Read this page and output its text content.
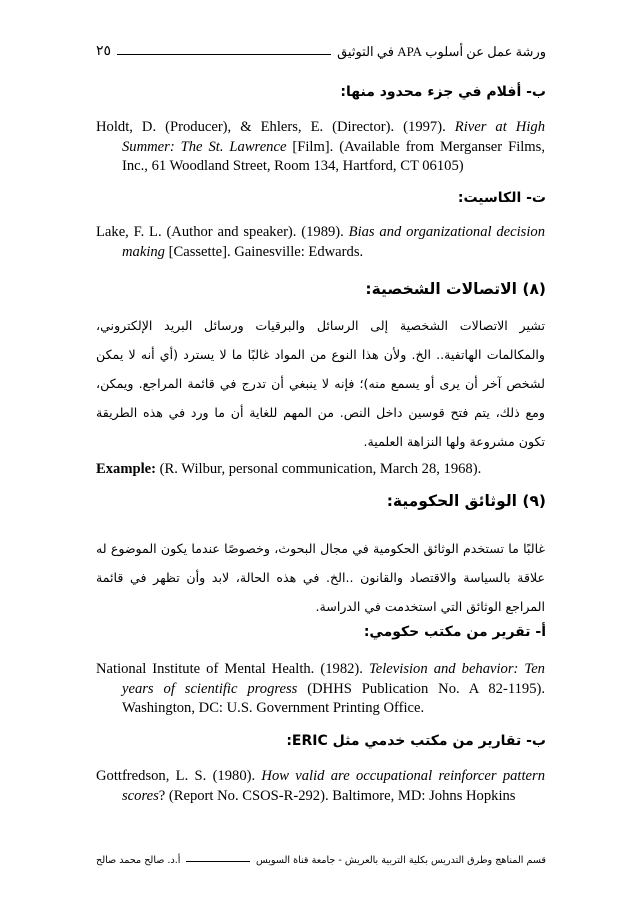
ورشة عمل عن أسلوب APA في التوثيق
٢٥
ب- أفلام في جزء محدود منها:
Holdt, D. (Producer), & Ehlers, E. (Director). (1997). River at High Summer: The St. Lawrence [Film]. (Available from Merganser Films, Inc., 61 Woodland Street, Room 134, Hartford, CT 06105)
ت- الكاسيت:
Lake, F. L. (Author and speaker). (1989). Bias and organizational decision making [Cassette]. Gainesville: Edwards.
(٨) الاتصالات الشخصية:
تشير الاتصالات الشخصية إلى الرسائل والبرقيات ورسائل البريد الإلكتروني، والمكالمات الهاتفية.. الخ. ولأن هذا النوع من المواد غالبًا ما لا يسترد (أي أنه لا يمكن لشخص آخر أن يرى أو يسمع منه)؛ فإنه لا ينبغي أن تدرج في قائمة المراجع. ويمكن، ومع ذلك، يتم فتح قوسين داخل النص. من المهم للغاية أن ما ورد في هذه الطريقة تكون مشروعة ولها النزاهة العلمية.
Example: (R. Wilbur, personal communication, March 28, 1968).
(٩) الوثائق الحكومية:
غالبًا ما تستخدم الوثائق الحكومية في مجال البحوث، وخصوصًا عندما يكون الموضوع له علاقة بالسياسة والاقتصاد والقانون ..الخ. في هذه الحالة، لابد وأن تظهر في قائمة المراجع الوثائق التي استخدمت في الدراسة.
أ- تقرير من مكتب حكومي:
National Institute of Mental Health. (1982). Television and behavior: Ten years of scientific progress (DHHS Publication No. A 82-1195). Washington, DC: U.S. Government Printing Office.
ب- تقارير من مكتب خدمي مثل ERIC:
Gottfredson, L. S. (1980). How valid are occupational reinforcer pattern scores? (Report No. CSOS-R-292). Baltimore, MD: Johns Hopkins
قسم المناهج وطرق التدريس بكلية التربية بالعريش - جامعة قناة السويس
أ.د. صالح محمد صالح
